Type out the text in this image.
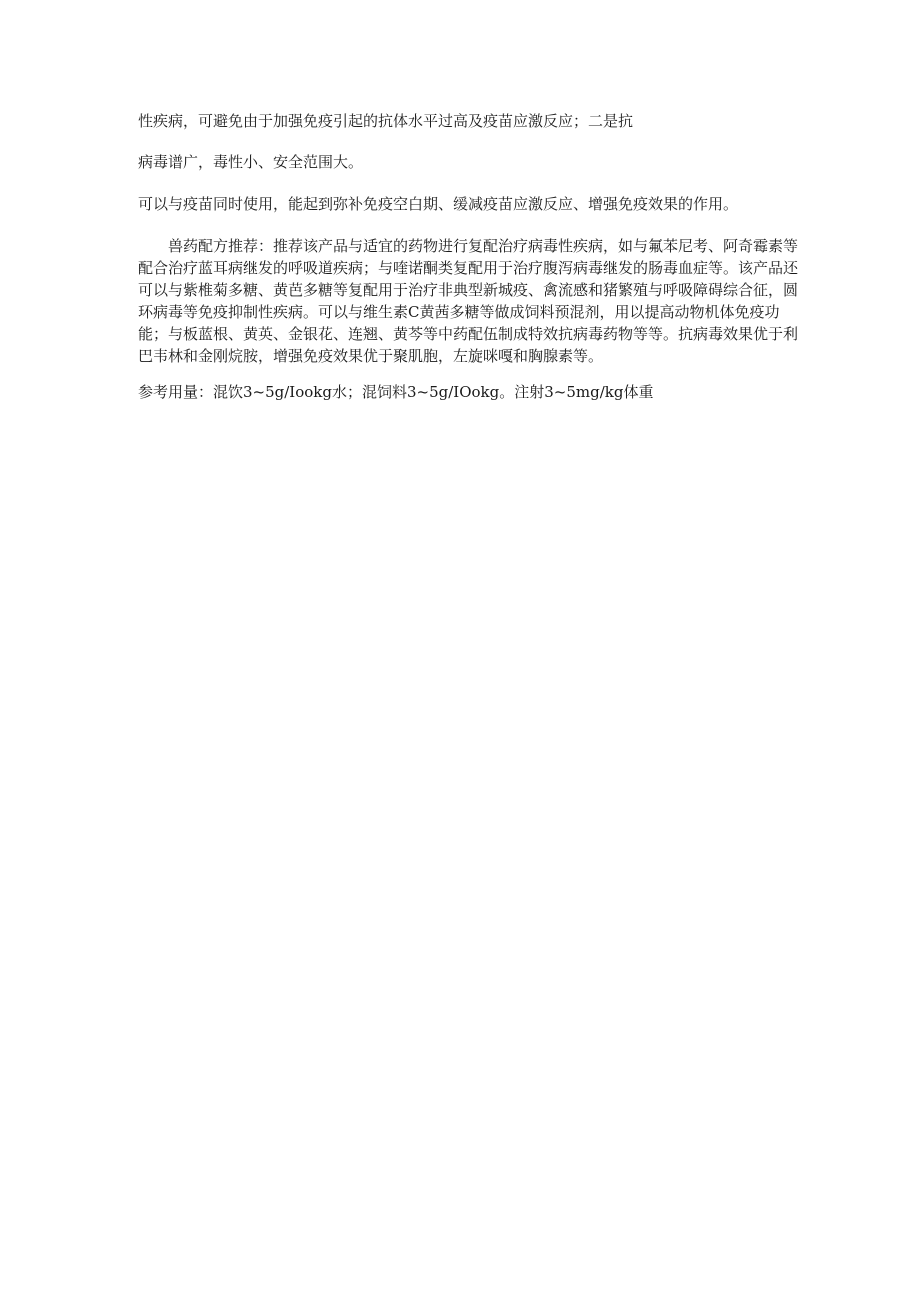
性疾病，可避免由于加强免疫引起的抗体水平过高及疫苗应激反应；二是抗

病毒谱广，毒性小、安全范围大。

可以与疫苗同时使用，能起到弥补免疫空白期、缓减疫苗应激反应、增强免疫效果的作用。

兽药配方推荐：推荐该产品与适宜的药物进行复配治疗病毒性疾病，如与氟苯尼考、阿奇霉素等配合治疗蓝耳病继发的呼吸道疾病；与喹诺酮类复配用于治疗腹泻病毒继发的肠毒血症等。该产品还可以与紫椎菊多糖、黄芭多糖等复配用于治疗非典型新城疫、禽流感和猪繁殖与呼吸障碍综合征，圆环病毒等免疫抑制性疾病。可以与维生素C黄茜多糖等做成饲料预混剂，用以提高动物机体免疫功能；与板蓝根、黄英、金银花、连翘、黄芩等中药配伍制成特效抗病毒药物等等。抗病毒效果优于利巴韦林和金刚烷胺，增强免疫效果优于聚肌胞，左旋咪嘎和胸腺素等。

参考用量：混饮3~5g/Iookg水；混饲料3~5g/IOokg。注射3~5mg/kg体重
